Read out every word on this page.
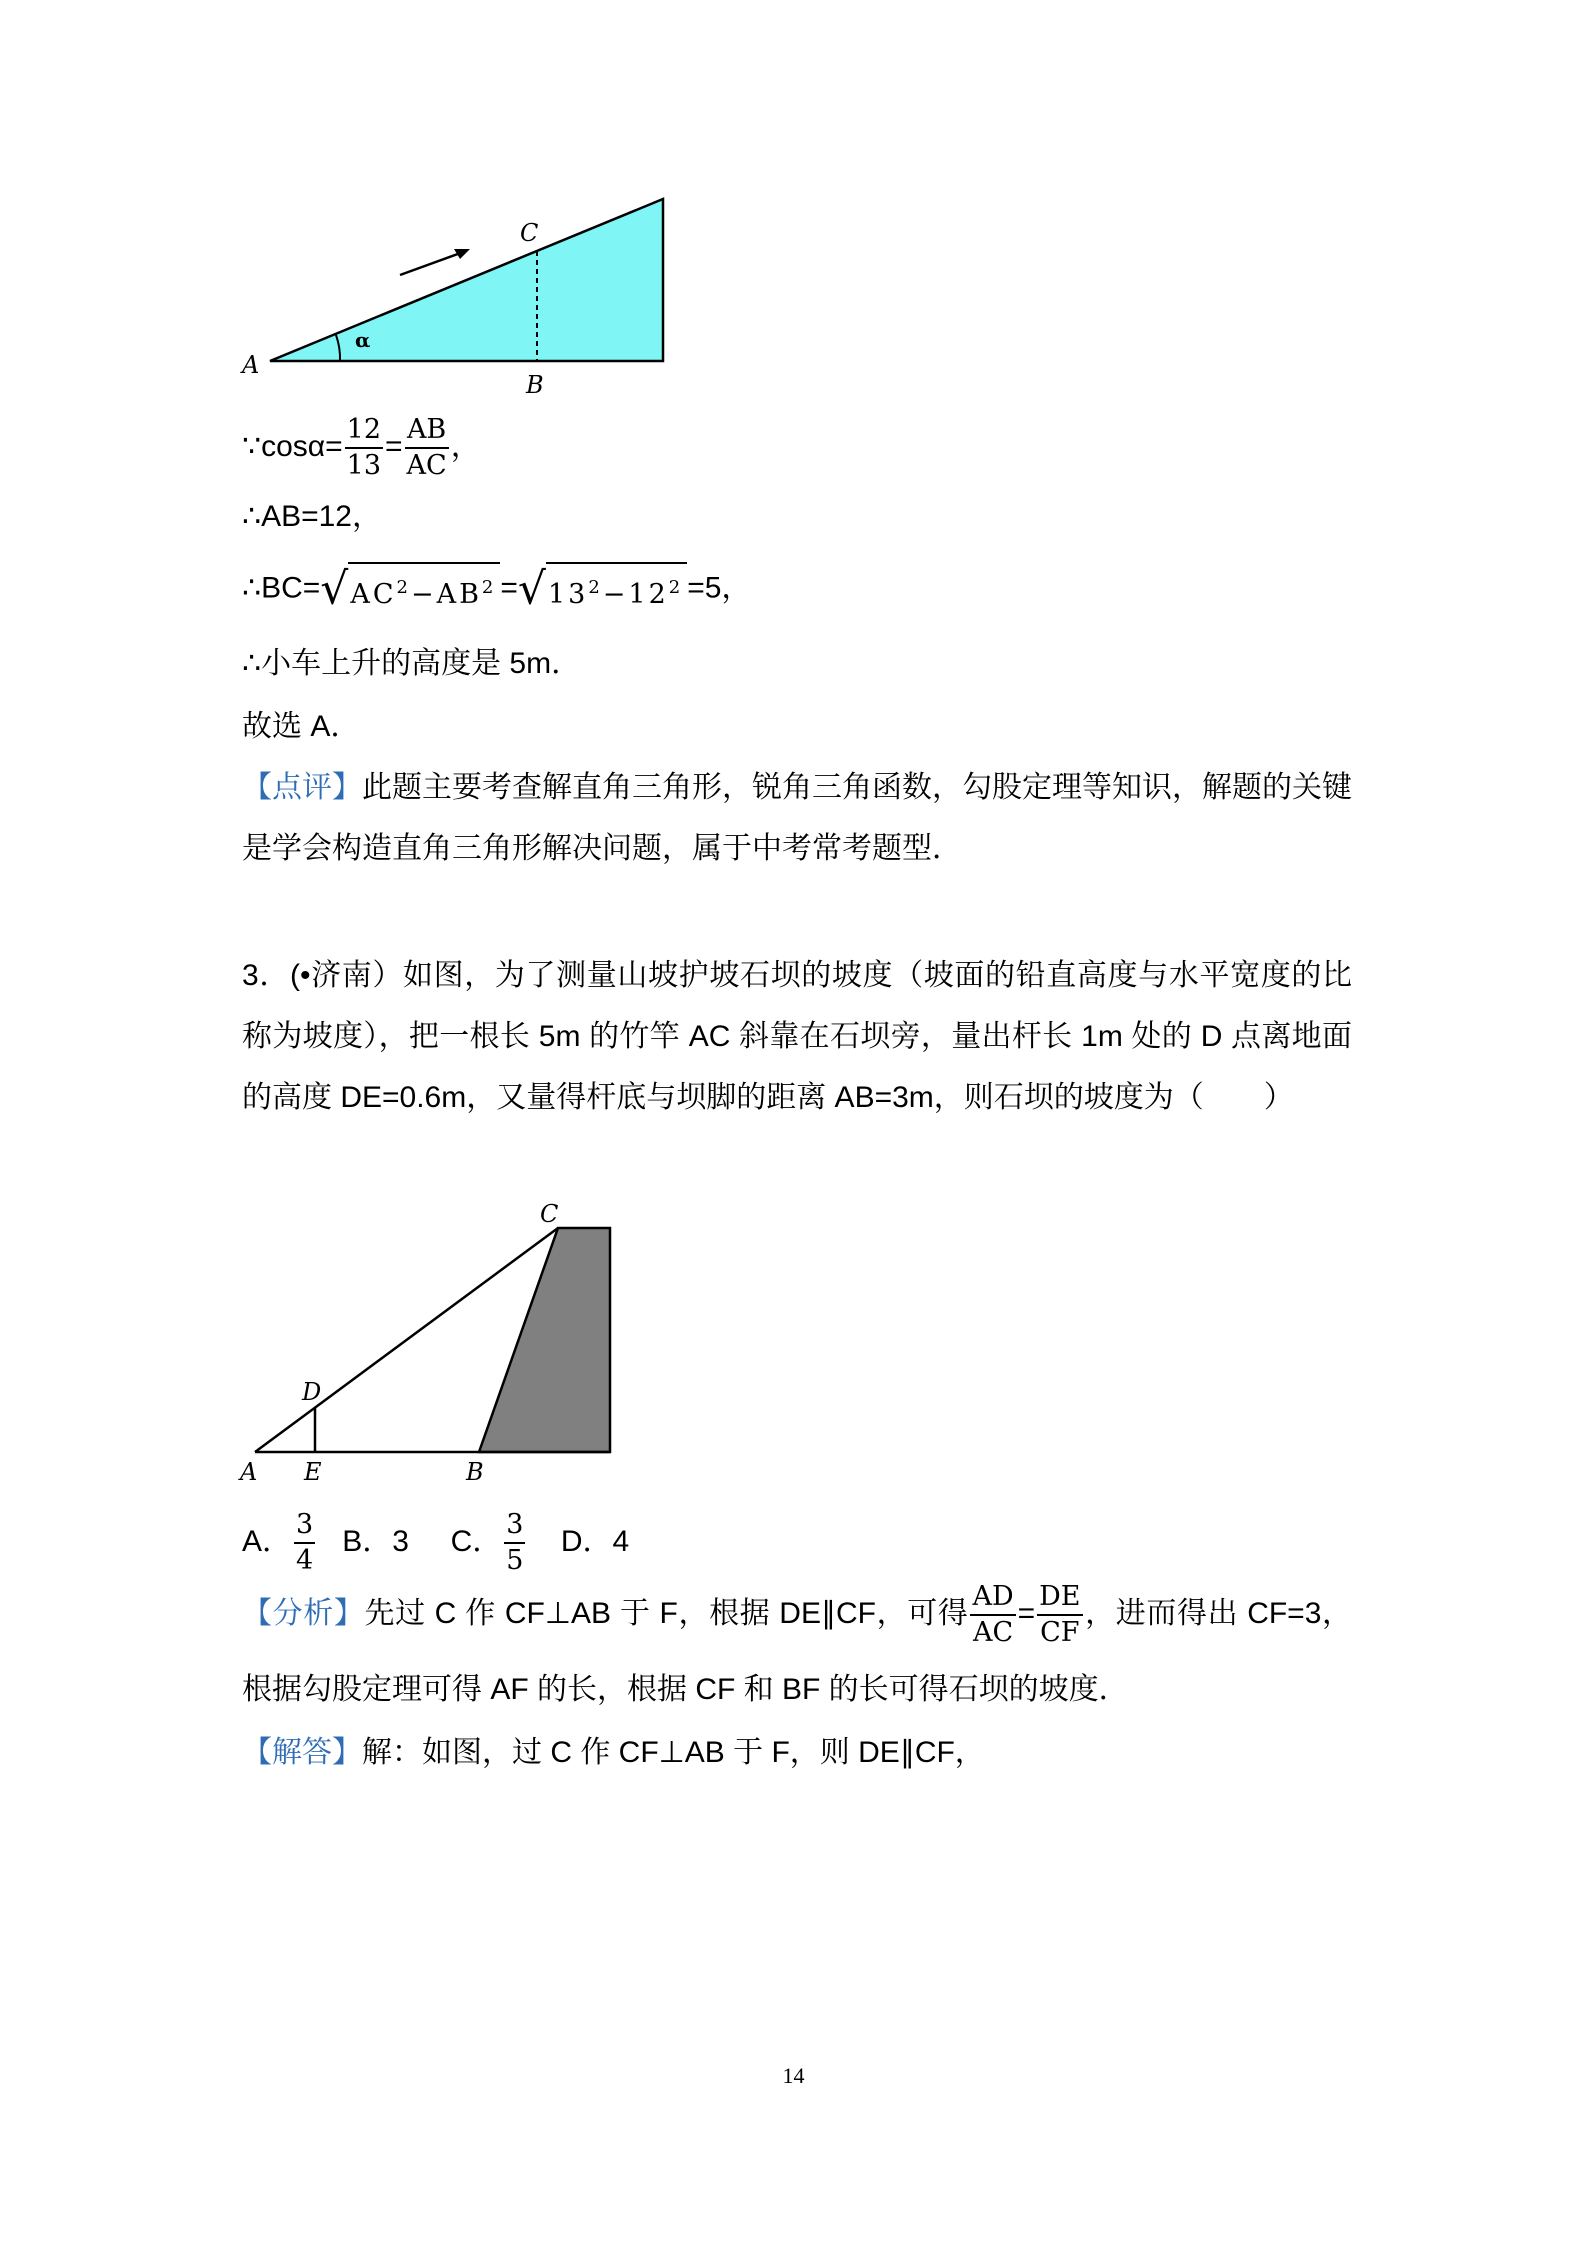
A
B
C
α
∵cosα= $\frac{12}{13} = \frac{AB}{AC}$ ，
∴AB=12，
$\therefore BC=√AC^2-AB^2 =√13^2-12^2 =5$，
∴小车上升的高度是 5m．
故选 A．
【点评】此题主要考查解直角三角形，锐角三角函数，勾股定理等知识，解题的关键是学会构造直角三角形解决问题，属于中考常考题型．
3．(•济南）如图，为了测量山坡护坡石坝的坡度（坡面的铅直高度与水平宽度的比称为坡度），把一根长 5m 的竹竿 AC 斜靠在石坝旁，量出杆长 1m 处的 D 点离地面的高度 DE=0.6m，又量得杆底与坝脚的距离 AB=3m，则石坝的坡度为（　　）
A E	B
D
C
A． $\frac{3}{4}$ B．3 C． $\frac{3}{5}$ D．4
【分析】先过 C 作 CF⊥AB 于 F，根据 DE∥CF，可得 $\frac{AD}{AC} = \frac{DE}{CF}$ ，进而得出 CF=3，根据勾股定理可得 AF 的长，根据 CF 和 BF 的长可得石坝的坡度．
【解答】解：如图，过 C 作 CF⊥AB 于 F，则 DE∥CF，
14
